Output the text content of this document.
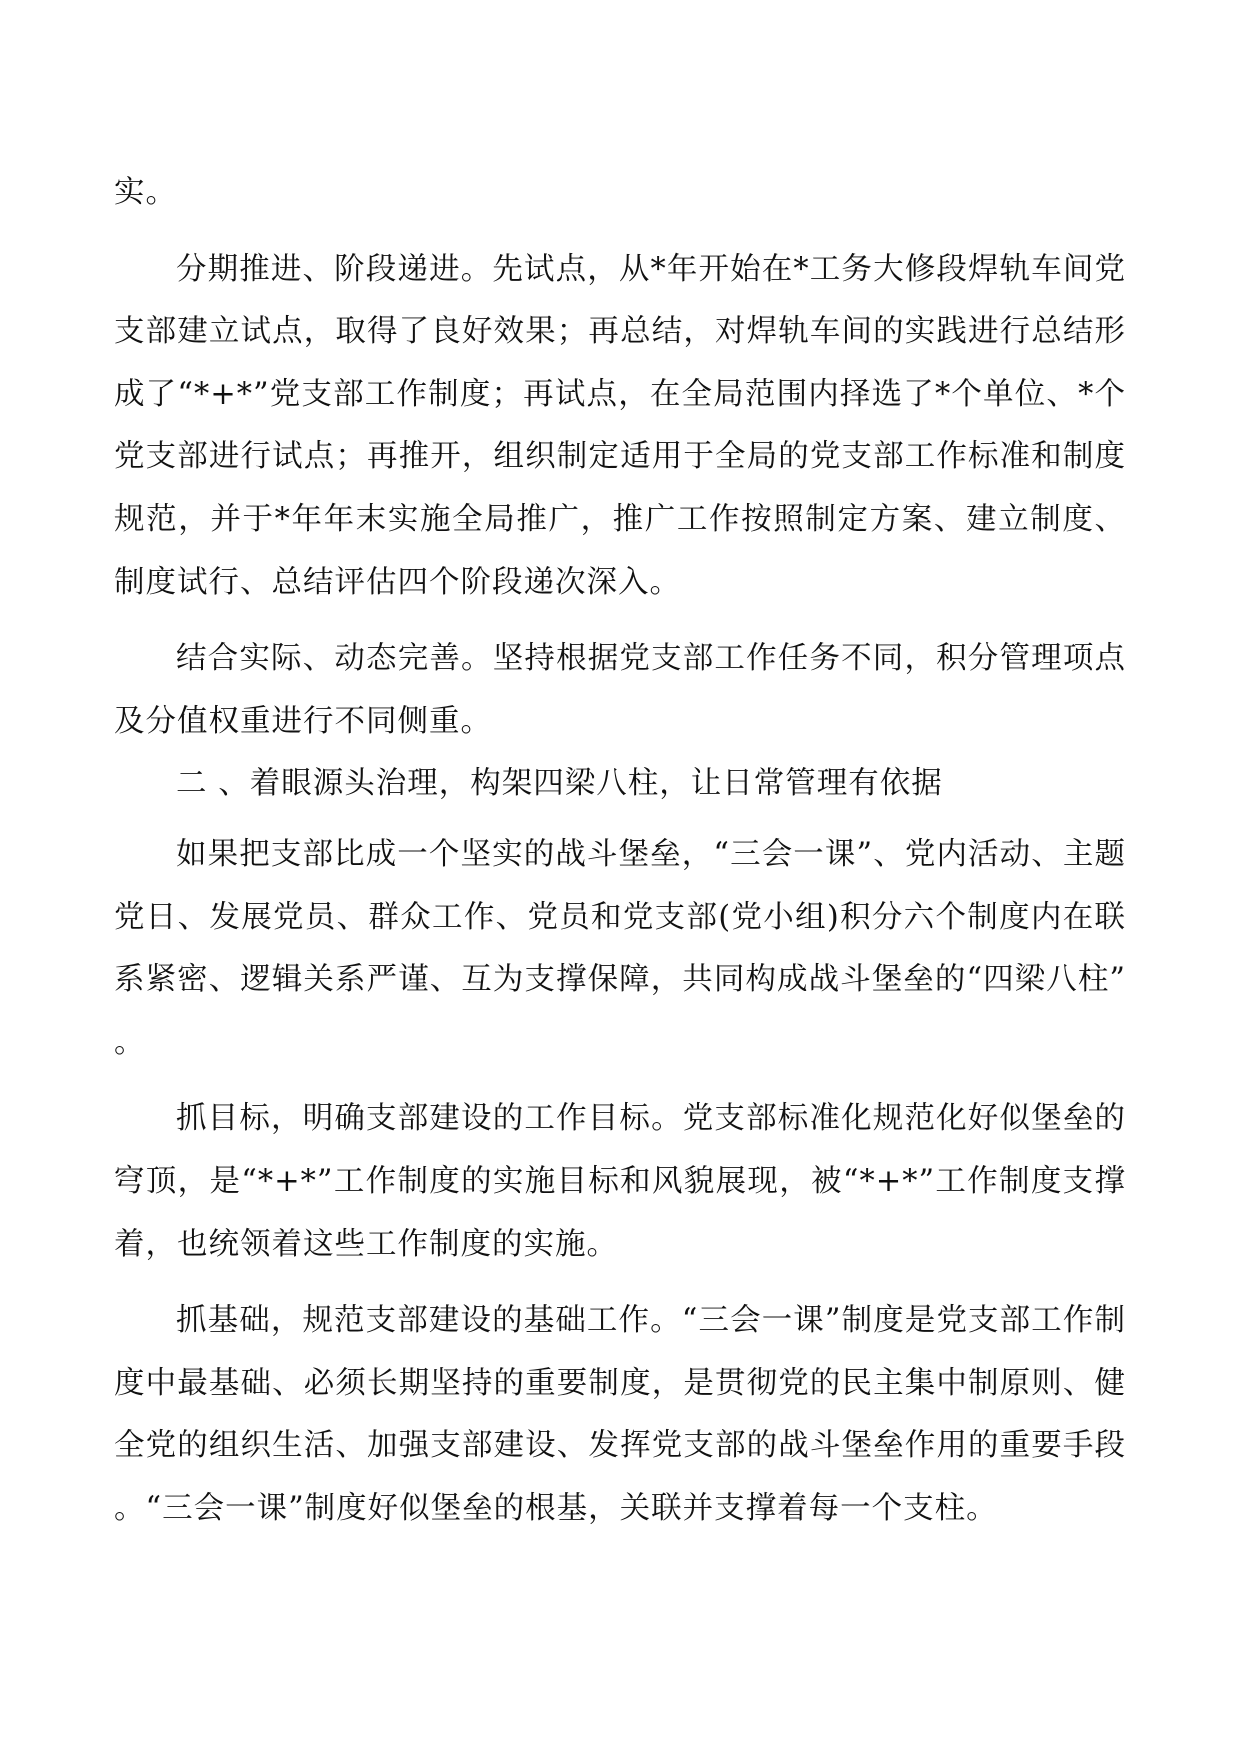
实。

分期推进、阶段递进。先试点，从*年开始在*工务大修段焊轨车间党支部建立试点，取得了良好效果；再总结，对焊轨车间的实践进行总结形成了“*+*”党支部工作制度；再试点，在全局范围内择选了*个单位、*个党支部进行试点；再推开，组织制定适用于全局的党支部工作标准和制度规范，并于*年年末实施全局推广，推广工作按照制定方案、建立制度、制度试行、总结评估四个阶段递次深入。

结合实际、动态完善。坚持根据党支部工作任务不同，积分管理项点及分值权重进行不同侧重。

二 、着眼源头治理，构架四梁八柱，让日常管理有依据

如果把支部比成一个坚实的战斗堡垒，“三会一课”、党内活动、主题党日、发展党员、群众工作、党员和党支部(党小组)积分六个制度内在联系紧密、逻辑关系严谨、互为支撑保障，共同构成战斗堡垒的“四梁八柱”。

抓目标，明确支部建设的工作目标。党支部标准化规范化好似堡垒的穹顶，是“*+*”工作制度的实施目标和风貌展现，被“*+*”工作制度支撑着，也统领着这些工作制度的实施。

抓基础，规范支部建设的基础工作。“三会一课”制度是党支部工作制度中最基础、必须长期坚持的重要制度，是贯彻党的民主集中制原则、健全党的组织生活、加强支部建设、发挥党支部的战斗堡垒作用的重要手段。“三会一课”制度好似堡垒的根基，关联并支撑着每一个支柱。
